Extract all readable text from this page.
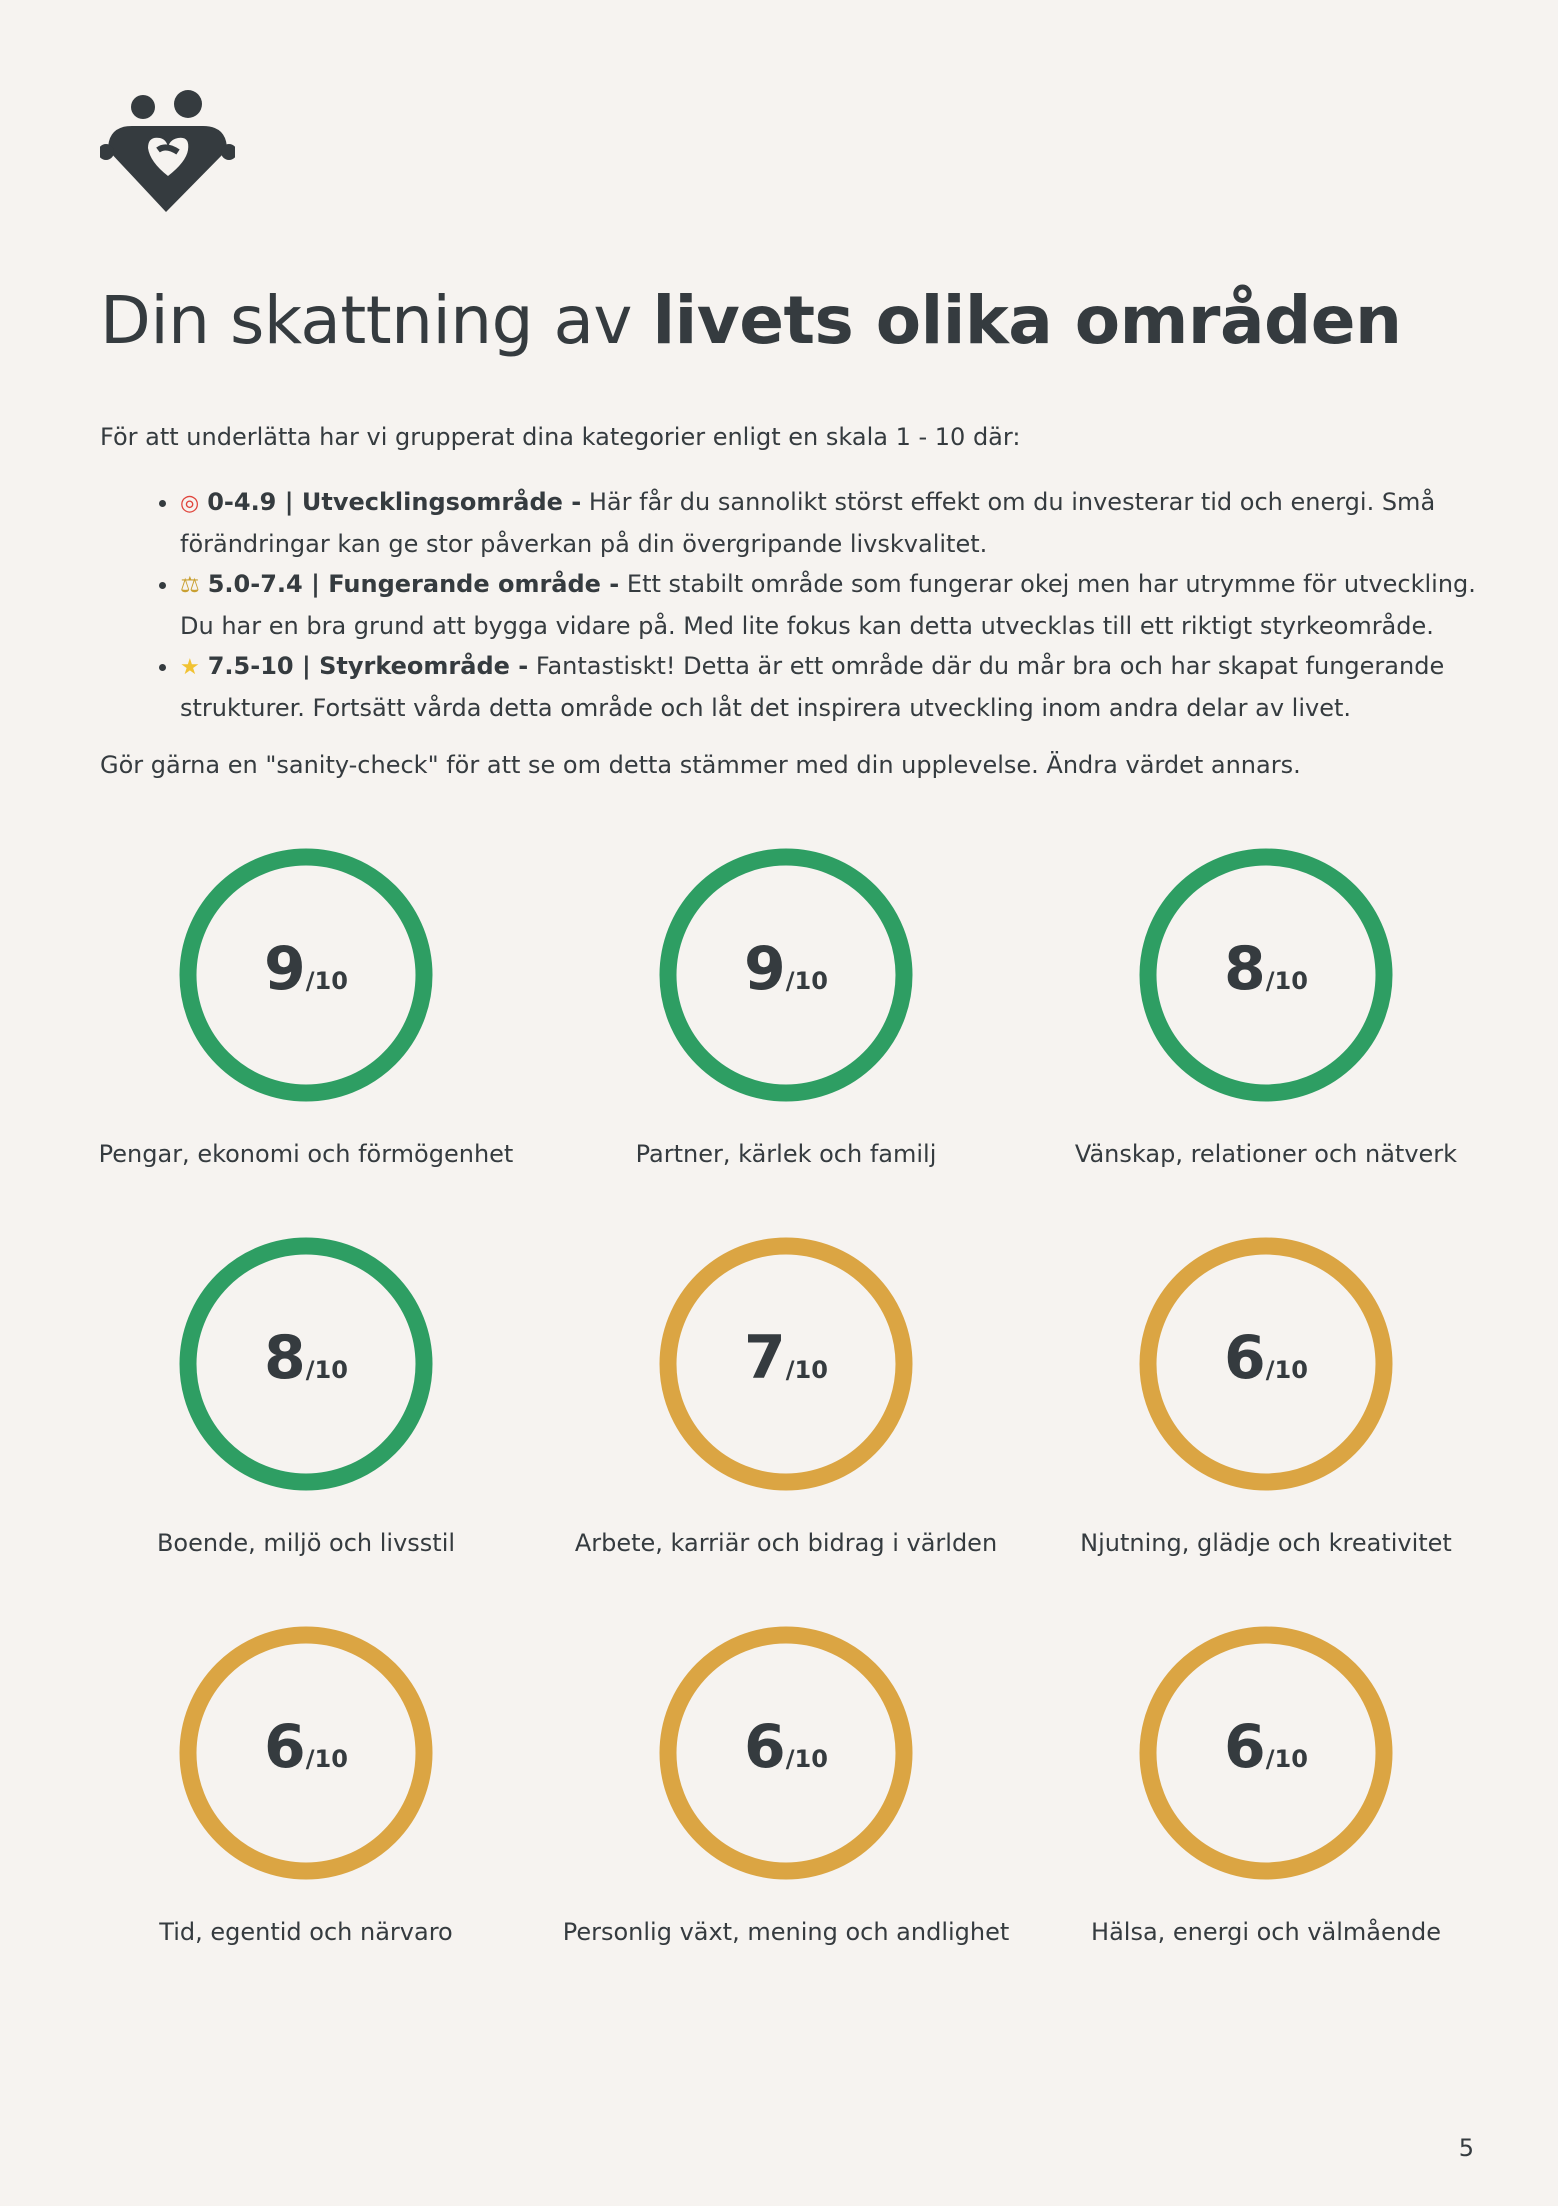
Din skattning av livets olika områden

För att underlätta har vi grupperat dina kategorier enligt en skala 1 - 10 där:

• ◎ 0-4.9 | Utvecklingsområde - Här får du sannolikt störst effekt om du investerar tid och energi. Små förändringar kan ge stor påverkan på din övergripande livskvalitet.
• ⚖ 5.0-7.4 | Fungerande område - Ett stabilt område som fungerar okej men har utrymme för utveckling. Du har en bra grund att bygga vidare på. Med lite fokus kan detta utvecklas till ett riktigt styrkeområde.
• ★ 7.5-10 | Styrkeområde - Fantastiskt! Detta är ett område där du mår bra och har skapat fungerande strukturer. Fortsätt vårda detta område och låt det inspirera utveckling inom andra delar av livet.

Gör gärna en "sanity-check" för att se om detta stämmer med din upplevelse. Ändra värdet annars.

9/10
Pengar, ekonomi och förmögenhet
9/10
Partner, kärlek och familj
8/10
Vänskap, relationer och nätverk
8/10
Boende, miljö och livsstil
7/10
Arbete, karriär och bidrag i världen
6/10
Njutning, glädje och kreativitet
6/10
Tid, egentid och närvaro
6/10
Personlig växt, mening och andlighet
6/10
Hälsa, energi och välmående
5
